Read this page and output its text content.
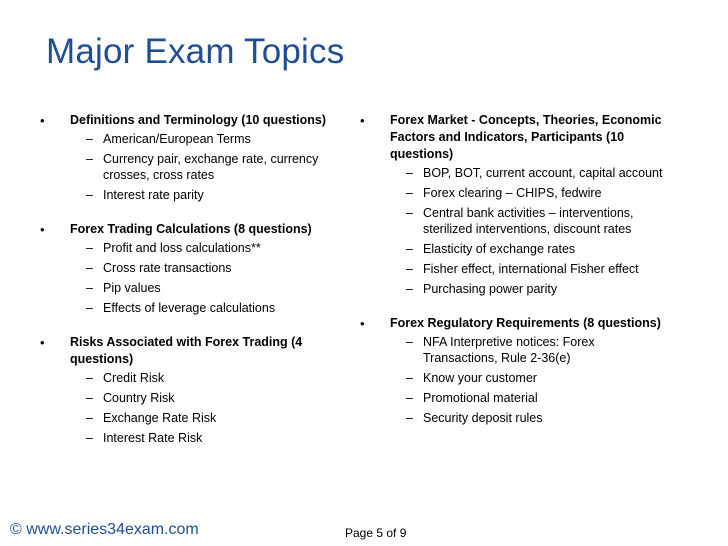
Major Exam Topics
• Definitions and Terminology (10 questions)
– American/European Terms
– Currency pair, exchange rate, currency crosses, cross rates
– Interest rate parity
• Forex Trading Calculations (8 questions)
– Profit and loss calculations**
– Cross rate transactions
– Pip values
– Effects of leverage calculations
• Risks Associated with Forex Trading (4 questions)
– Credit Risk
– Country Risk
– Exchange Rate Risk
– Interest Rate Risk
• Forex Market - Concepts, Theories, Economic Factors and Indicators, Participants (10 questions)
– BOP, BOT, current account, capital account
– Forex clearing – CHIPS, fedwire
– Central bank activities – interventions, sterilized interventions, discount rates
– Elasticity of exchange rates
– Fisher effect, international Fisher effect
– Purchasing power parity
• Forex Regulatory Requirements (8 questions)
– NFA Interpretive notices: Forex Transactions, Rule 2-36(e)
– Know your customer
– Promotional material
– Security deposit rules
© www.series34exam.com	Page 5 of 9
